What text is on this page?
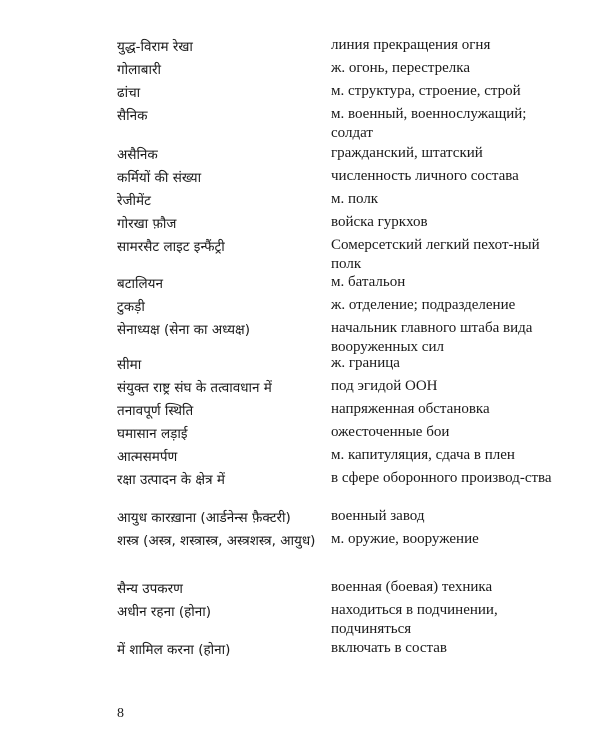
युद्ध-विराम रेखा	линия прекращения огня
गोलाबारी	ж. огонь, перестрелка
ढांचा	м. структура, строение, строй
सैनिक	м. военный, военнослужащий; солдат
असैनिक	гражданский, штатский
कर्मियों की संख्या	численность личного состава
रेजीमेंट	м. полк
गोरखा फ़ौज	войска гуркхов
सामरसैट लाइट इन्फैंट्री	Сомерсетский легкий пехот-ный полк
बटालियन	м. батальон
टुकड़ी	ж. отделение; подразделение
सेनाध्यक्ष (सेना का अध्यक्ष)	начальник главного штаба вида вооруженных сил
सीमा	ж. граница
संयुक्त राष्ट्र संघ के तत्वावधान में	под эгидой ООН
तनावपूर्ण स्थिति	напряженная обстановка
घमासान लड़ाई	ожесточенные бои
आत्मसमर्पण	м. капитуляция, сдача в плен
रक्षा उत्पादन के क्षेत्र में	в сфере оборонного производ-ства
आयुध कारख़ाना (आर्डनेन्स फ़ैक्टरी)	военный завод
शस्त्र (अस्त्र, शस्त्रास्त्र, अस्त्रशस्त्र, आयुध)	м. оружие, вооружение
सैन्य उपकरण	военная (боевая) техника
अधीन रहना (होना)	находиться в подчинении, подчиняться
में शामिल करना (होना)	включать в состав
8
